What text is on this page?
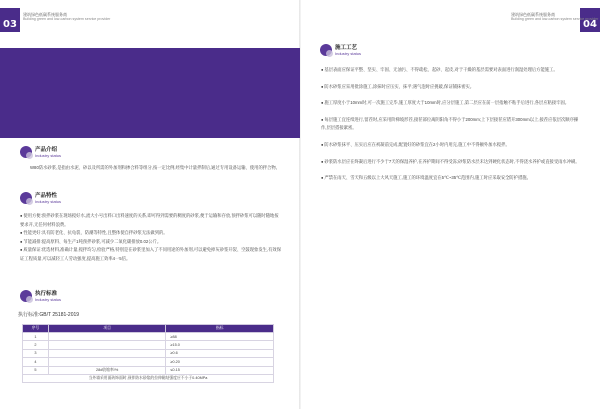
03
建筑绿色低碳系统服务商
Building green and low-carbon system service provider
产品介绍
Industry status

W80防水砂浆,是指由水泥、砂以及所需的外加剂和掺合料等组分,按一定比例,经集中计量拌制后,通过专用设备运输、使用的拌合物。

产品特性
Industry status

● 使用方便:预拌砂浆在现场搅好水,流大小号出料口出料速度的关系,即可得到需要的稠度的砂浆,便于运输和存放,预拌砂浆可以随时随地按要求开,无任何材料浪费。

● 性能更好:具有防老化、抗龟裂、防潮等特性,且整体使自拌砂浆无法做到的。

● 节能减排:提高原料、每生产1吨预拌砂浆,可减少二氧化碳排放0.02公斤。

● 质量保证:优选材料,准确计量,搅拌均匀,检验严格,特别是在砂浆里加入了不同用途的外加剂,可以避免掉灰砂浆开裂、空鼓现象发生,有效保证工程质量,可以减轻工人劳动强度,提高施工效率4一5倍。

执行标准
Industry status
执行标准:GB/T 25181-2019
序号	项目	指标
1		≥88
2		≥15.0
3		≥0.6
4		≥0.20
5	28d收缩率/%	≤0.15
当外墙采用面砖饰面时,预拌防水砂浆的拉伸黏结强度应不小于0.40MPa		
04
建筑绿色低碳系统服务商
Building green and low-carbon system service provider
施工工艺
Industry status

● 基层表面应保证平整、坚实、牢固、无油污、不得疏松、起砂、起皮,对于干燥的基层需要对表面进行润湿处理后方能施工。

● 防水砂浆应采用批涂施工,涂抹时应压实、抹平;遇气泡时应挑破,保证铺抹密实。

● 施工厚度小于10mm时,可一次施工完毕,施工厚度大于10mm时,应分层施工,第二层应在前一层指触不粘手后进行,各层应粘接牢固。

● 每层施工宜连续进行,留茬时,应采用阶梯坡形茬,接茬部位离阴阳角不得小于200mm;上下层接茬应错开300mm以上,接茬应依层次顺序操作,层层搭接紧密。

● 防水砂浆抹平、压实后应在初凝前完成,配置好的砂浆宜在2小时内用完,施工中不得额外加水搅拌。

● 砂浆防水层应在终凝后进行不少于7天的保湿养护,在养护期间不得受冻;砂浆防水层未达到硬化状态时,不得浇水养护或直接受雨水冲刷。

● 严禁在雨天、雪天和五级以上大风天施工,施工的环境温度宜在5℃~35℃范围内,施工时应采取安全防护措施。
